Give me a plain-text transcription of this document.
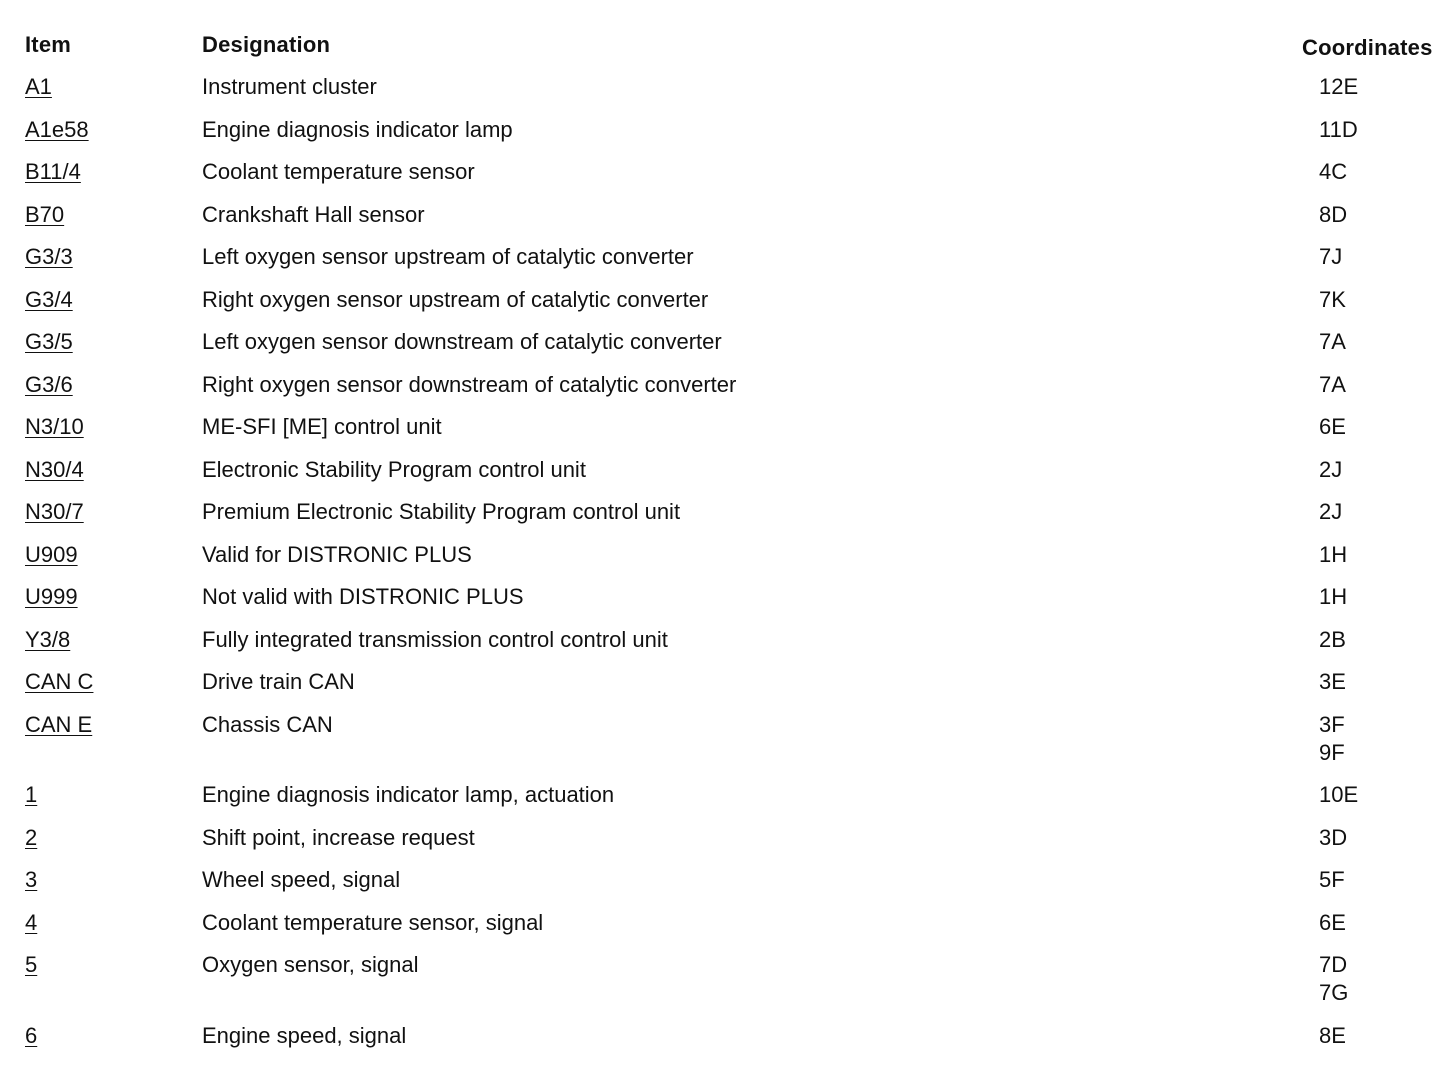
Item	Designation	Coordinates
A1	Instrument cluster	12E
A1e58	Engine diagnosis indicator lamp	11D
B11/4	Coolant temperature sensor	4C
B70	Crankshaft Hall sensor	8D
G3/3	Left oxygen sensor upstream of catalytic converter	7J
G3/4	Right oxygen sensor upstream of catalytic converter	7K
G3/5	Left oxygen sensor downstream of catalytic converter	7A
G3/6	Right oxygen sensor downstream of catalytic converter	7A
N3/10	ME-SFI [ME] control unit	6E
N30/4	Electronic Stability Program control unit	2J
N30/7	Premium Electronic Stability Program control unit	2J
U909	Valid for DISTRONIC PLUS	1H
U999	Not valid with DISTRONIC PLUS	1H
Y3/8	Fully integrated transmission control control unit	2B
CAN C	Drive train CAN	3E
CAN E	Chassis CAN	3F
9F
1	Engine diagnosis indicator lamp, actuation	10E
2	Shift point, increase request	3D
3	Wheel speed, signal	5F
4	Coolant temperature sensor, signal	6E
5	Oxygen sensor, signal	7D
7G
6	Engine speed, signal	8E
